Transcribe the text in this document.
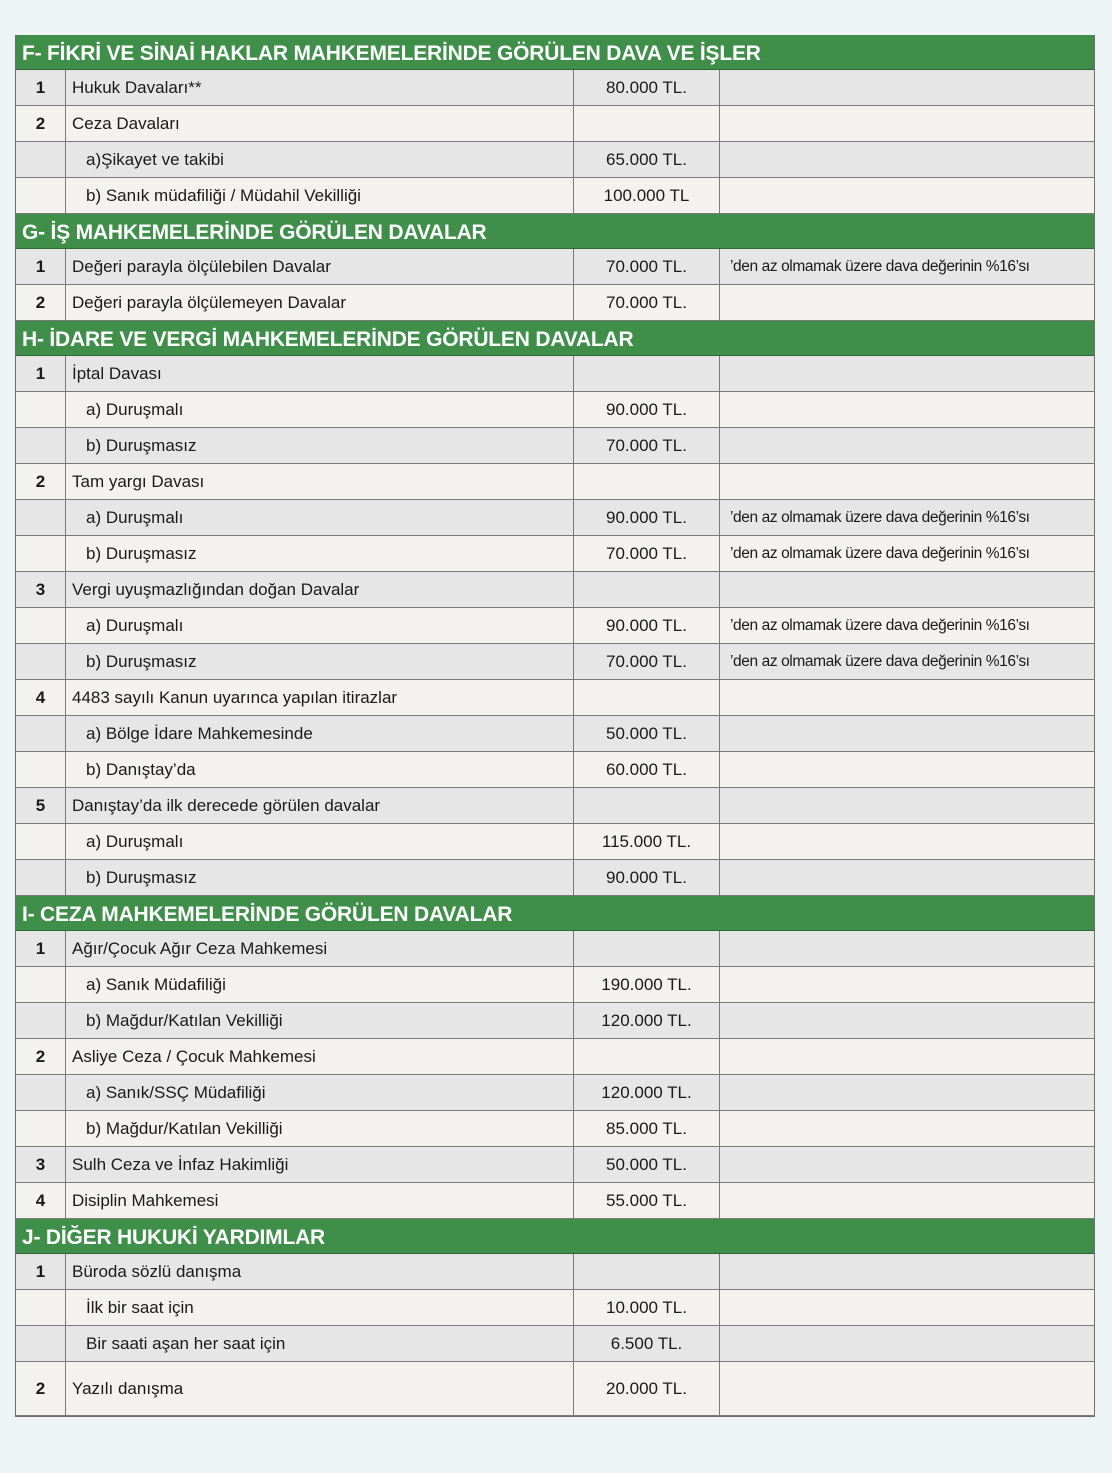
F- FİKRİ VE SİNAİ HAKLAR MAHKEMELERİNDE GÖRÜLEN DAVA VE İŞLER
1	Hukuk Davaları**	80.000 TL.
2	Ceza Davaları
a)Şikayet ve takibi	65.000 TL.
b) Sanık müdafiliği / Müdahil Vekilliği	100.000 TL
G- İŞ MAHKEMELERİNDE GÖRÜLEN DAVALAR
1	Değeri parayla ölçülebilen Davalar	70.000 TL.	’den az olmamak üzere dava değerinin %16’sı
2	Değeri parayla ölçülemeyen Davalar	70.000 TL.
H- İDARE VE VERGİ MAHKEMELERİNDE GÖRÜLEN DAVALAR
1	İptal Davası
a) Duruşmalı	90.000 TL.
b) Duruşmasız	70.000 TL.
2	Tam yargı Davası
a) Duruşmalı	90.000 TL.	’den az olmamak üzere dava değerinin %16’sı
b) Duruşmasız	70.000 TL.	’den az olmamak üzere dava değerinin %16’sı
3	Vergi uyuşmazlığından doğan Davalar
a) Duruşmalı	90.000 TL.	’den az olmamak üzere dava değerinin %16’sı
b) Duruşmasız	70.000 TL.	’den az olmamak üzere dava değerinin %16’sı
4	4483 sayılı Kanun uyarınca yapılan itirazlar
a) Bölge İdare Mahkemesinde	50.000 TL.
b) Danıştay’da	60.000 TL.
5	Danıştay’da ilk derecede görülen davalar
a) Duruşmalı	115.000 TL.
b) Duruşmasız	90.000 TL.
I- CEZA MAHKEMELERİNDE GÖRÜLEN DAVALAR
1	Ağır/Çocuk Ağır Ceza Mahkemesi
a) Sanık Müdafiliği	190.000 TL.
b) Mağdur/Katılan Vekilliği	120.000 TL.
2	Asliye Ceza / Çocuk Mahkemesi
a) Sanık/SSÇ Müdafiliği	120.000 TL.
b) Mağdur/Katılan Vekilliği	85.000 TL.
3	Sulh Ceza ve İnfaz Hakimliği	50.000 TL.
4	Disiplin Mahkemesi	55.000 TL.
J- DİĞER HUKUKİ YARDIMLAR
1	Büroda sözlü danışma
İlk bir saat için	10.000 TL.
Bir saati aşan her saat için	6.500 TL.
2	Yazılı danışma	20.000 TL.
